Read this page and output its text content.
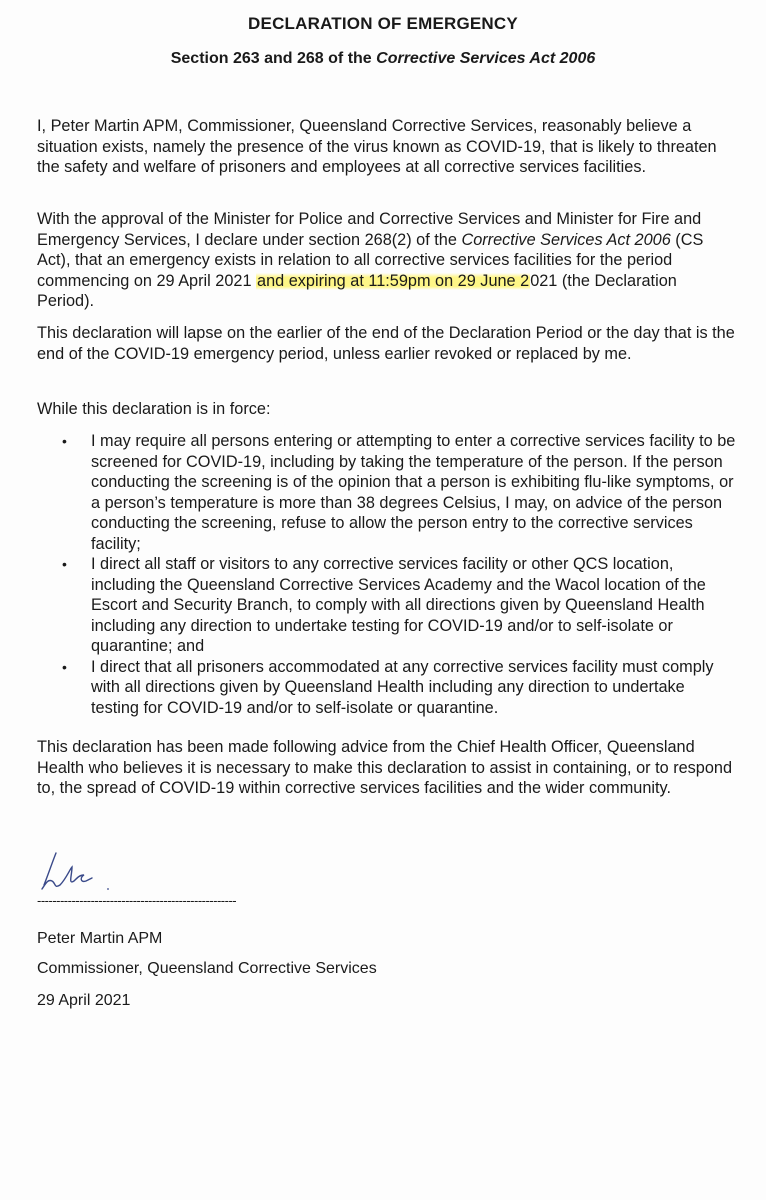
DECLARATION OF EMERGENCY
Section 263 and 268 of the Corrective Services Act 2006
I, Peter Martin APM, Commissioner, Queensland Corrective Services, reasonably believe a situation exists, namely the presence of the virus known as COVID-19, that is likely to threaten the safety and welfare of prisoners and employees at all corrective services facilities.
With the approval of the Minister for Police and Corrective Services and Minister for Fire and Emergency Services, I declare under section 268(2) of the Corrective Services Act 2006 (CS Act), that an emergency exists in relation to all corrective services facilities for the period commencing on 29 April 2021 and expiring at 11:59pm on 29 June 2021 (the Declaration Period).
This declaration will lapse on the earlier of the end of the Declaration Period or the day that is the end of the COVID-19 emergency period, unless earlier revoked or replaced by me.
While this declaration is in force:
• I may require all persons entering or attempting to enter a corrective services facility to be screened for COVID-19, including by taking the temperature of the person. If the person conducting the screening is of the opinion that a person is exhibiting flu-like symptoms, or a person’s temperature is more than 38 degrees Celsius, I may, on advice of the person conducting the screening, refuse to allow the person entry to the corrective services facility;
• I direct all staff or visitors to any corrective services facility or other QCS location, including the Queensland Corrective Services Academy and the Wacol location of the Escort and Security Branch, to comply with all directions given by Queensland Health including any direction to undertake testing for COVID-19 and/or to self-isolate or quarantine; and
• I direct that all prisoners accommodated at any corrective services facility must comply with all directions given by Queensland Health including any direction to undertake testing for COVID-19 and/or to self-isolate or quarantine.
This declaration has been made following advice from the Chief Health Officer, Queensland Health who believes it is necessary to make this declaration to assist in containing, or to respond to, the spread of COVID-19 within corrective services facilities and the wider community.
----------------------------------------------------
Peter Martin APM
Commissioner, Queensland Corrective Services
29 April 2021
